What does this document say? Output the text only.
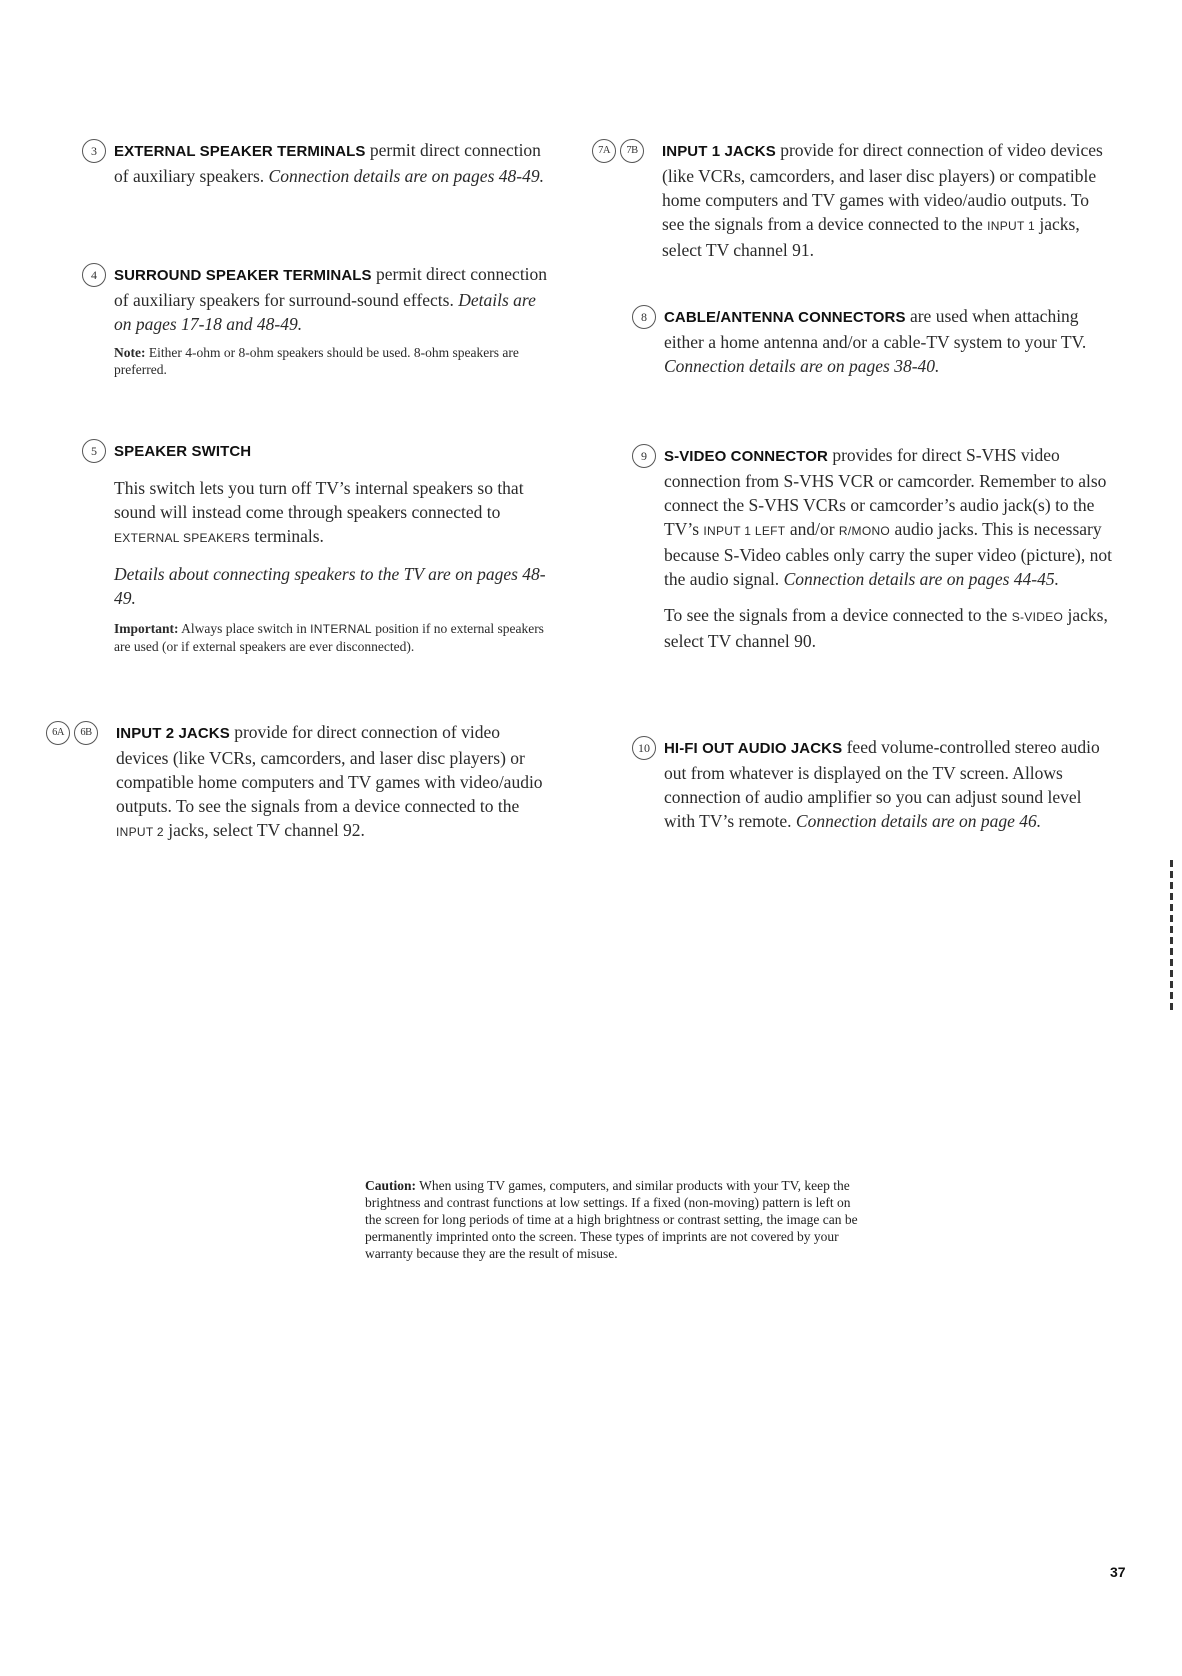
3	EXTERNAL SPEAKER TERMINALS permit direct connection of auxiliary speakers. Connection details are on pages 48-49.
4	SURROUND SPEAKER TERMINALS permit direct connection of auxiliary speakers for surround-sound effects. Details are on pages 17-18 and 48-49.
Note: Either 4-ohm or 8-ohm speakers should be used. 8-ohm speakers are preferred.
5	SPEAKER SWITCH
This switch lets you turn off TV’s internal speakers so that sound will instead come through speakers connected to EXTERNAL SPEAKERS terminals.
Details about connecting speakers to the TV are on pages 48-49.
Important: Always place switch in INTERNAL position if no external speakers are used (or if external speakers are ever disconnected).
6A	6B	INPUT 2 JACKS provide for direct connection of video devices (like VCRs, camcorders, and laser disc players) or compatible home computers and TV games with video/audio outputs. To see the signals from a device connected to the INPUT 2 jacks, select TV channel 92.
7A	7B	INPUT 1 JACKS provide for direct connection of video devices (like VCRs, camcorders, and laser disc players) or compatible home computers and TV games with video/audio outputs. To see the signals from a device connected to the INPUT 1 jacks, select TV channel 91.
8	CABLE/ANTENNA CONNECTORS are used when attaching either a home antenna and/or a cable-TV system to your TV. Connection details are on pages 38-40.
9	S-VIDEO CONNECTOR provides for direct S-VHS video connection from S-VHS VCR or camcorder. Remember to also connect the S-VHS VCRs or camcorder’s audio jack(s) to the TV’s INPUT 1 LEFT and/or R/MONO audio jacks. This is necessary because S-Video cables only carry the super video (picture), not the audio signal. Connection details are on pages 44-45.
To see the signals from a device connected to the S-VIDEO jacks, select TV channel 90.
10 HI-FI OUT AUDIO JACKS feed volume-controlled stereo audio out from whatever is displayed on the TV screen. Allows connection of audio amplifier so you can adjust sound level with TV’s remote. Connection details are on page 46.
Caution: When using TV games, computers, and similar products with your TV, keep the brightness and contrast functions at low settings. If a fixed (non-moving) pattern is left on the screen for long periods of time at a high brightness or contrast setting, the image can be permanently imprinted onto the screen. These types of imprints are not covered by your warranty because they are the result of misuse.
37
